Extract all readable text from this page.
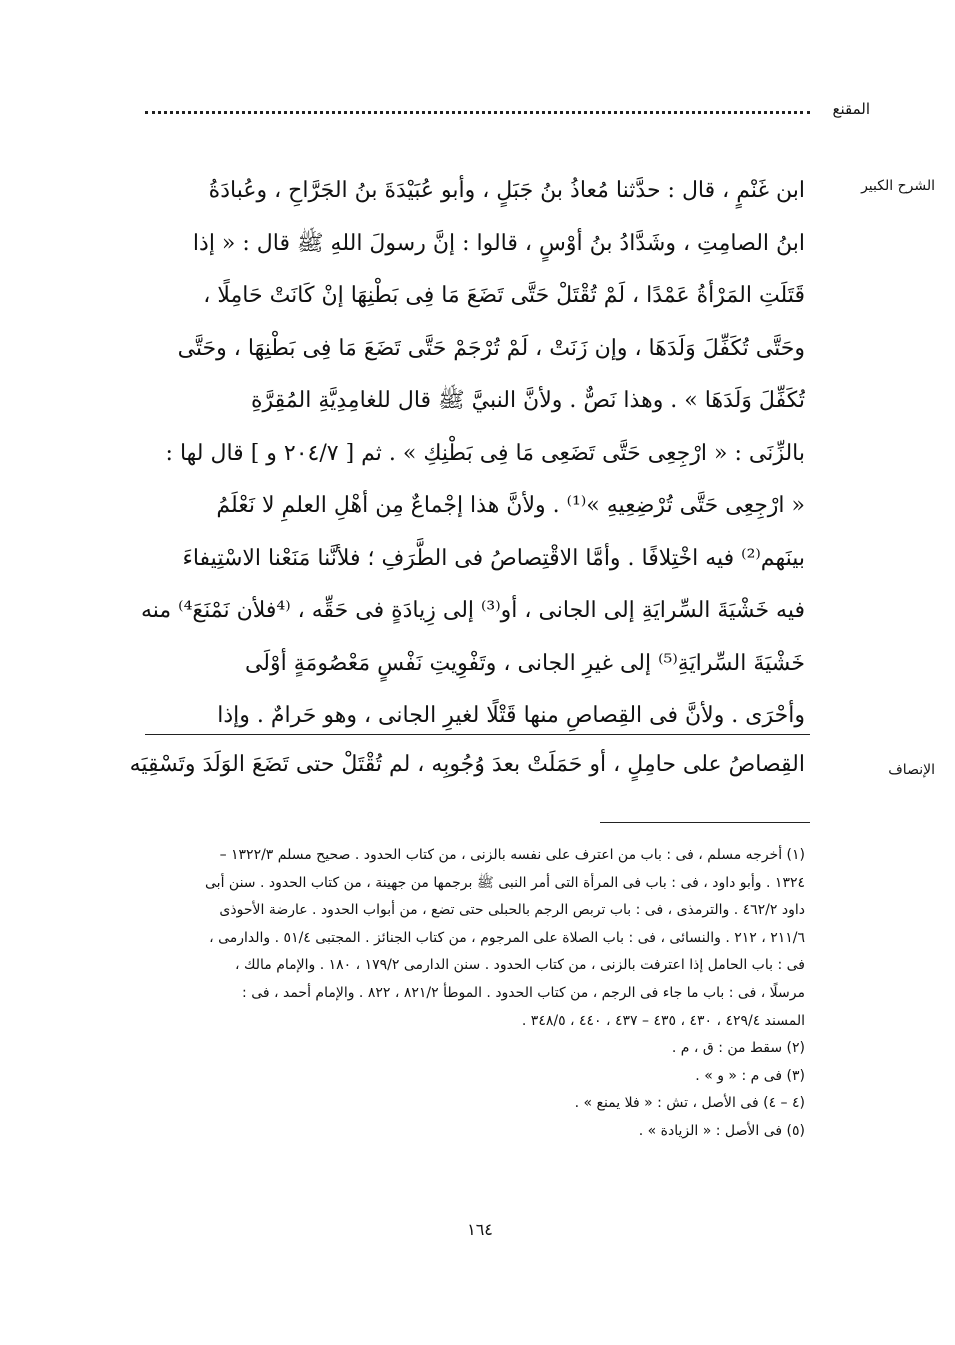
المقنع
الشرح الكبير
ابن غَنْمٍ ، قال : حدَّثنا مُعاذُ بنُ جَبَلٍ ، وأبو عُبَيْدَةَ بنُ الجَرَّاحِ ، وعُبادَةُ
ابنُ الصامِتِ ، وشَدَّادُ بنُ أوْسٍ ، قالوا : إنَّ رسولَ اللهِ ﷺ قال : « إذا
قَتَلَتِ المَرْأةُ عَمْدًا ، لَمْ تُقْتَلْ حَتَّى تَضَعَ مَا فِى بَطْنِهَا إنْ كَانَتْ حَامِلًا ،
وحَتَّى تُكَفِّلَ وَلَدَهَا ، وإن زَنَتْ ، لَمْ تُرْجَمْ حَتَّى تَضَعَ مَا فِى بَطْنِهَا ، وحَتَّى
تُكَفِّلَ وَلَدَهَا » . وهذا نَصٌّ . ولأنَّ النبيَّ ﷺ قال للغامِدِيَّةِ المُقِرَّةِ
بالزِّنَى : « ارْجِعِى حَتَّى تَضَعِى مَا فِى بَطْنِكِ » . ثم [ ٢٠٤/٧ و ] قال لها :
« ارْجِعِى حَتَّى تُرْضِعِيهِ »⁽¹⁾ . ولأنَّ هذا إجْماعٌ مِن أهْلِ العلمِ لا نَعْلَمُ
بينَهم⁽²⁾ فيه اخْتِلافًا . وأمَّا الاقْتِصاصُ فى الطَّرَفِ ؛ فلأنَّنا مَنَعْنا الاسْتِيفاءَ
فيه خَشْيَةَ السِّرايَةِ إلى الجانى ، أو⁽³⁾ إلى زِيادَةٍ فى حَقِّه ، ⁽⁴فلأن نَمْنَعَ⁴⁾ منه
خَشْيَةَ السِّرايَةِ⁽⁵⁾ إلى غيرِ الجانى ، وتَفْوِيتِ نَفْسٍ مَعْصُومَةٍ أوْلَى
وأحْرَى . ولأنَّ فى القِصاصِ منها قَتْلًا لغيرِ الجانى ، وهو حَرامٌ . وإذا
الإنصاف
القِصاصُ على حامِلٍ ، أو حَمَلَتْ بعدَ وُجُوبِه ، لم تُقْتَلْ حتى تَضَعَ الوَلَدَ وتَسْقِيَه
(١) أخرجه مسلم ، فى : باب من اعترف على نفسه بالزنى ، من كتاب الحدود . صحيح مسلم ١٣٢٢/٣ –
١٣٢٤ . وأبو داود ، فى : باب فى المرأة التى أمر النبى ﷺ برجمها من جهينة ، من كتاب الحدود . سنن أبى
داود ٤٦٢/٢ . والترمذى ، فى : باب تربص الرجم بالحبلى حتى تضع ، من أبواب الحدود . عارضة الأحوذى
٢١١/٦ ، ٢١٢ . والنسائى ، فى : باب الصلاة على المرجوم ، من كتاب الجنائز . المجتبى ٥١/٤ . والدارمى ،
فى : باب الحامل إذا اعترفت بالزنى ، من كتاب الحدود . سنن الدارمى ١٧٩/٢ ، ١٨٠ . والإمام مالك ،
مرسلًا ، فى : باب ما جاء فى الرجم ، من كتاب الحدود . الموطأ ٨٢١/٢ ، ٨٢٢ . والإمام أحمد ، فى :
المسند ٤٢٩/٤ ، ٤٣٠ ، ٤٣٥ – ٤٣٧ ، ٤٤٠ ، ٣٤٨/٥ .
(٢) سقط من : ق ، م .
(٣) فى م : « و » .
(٤ – ٤) فى الأصل ، تش : « فلا يمنع » .
(٥) فى الأصل : « الزيادة » .
١٦٤
